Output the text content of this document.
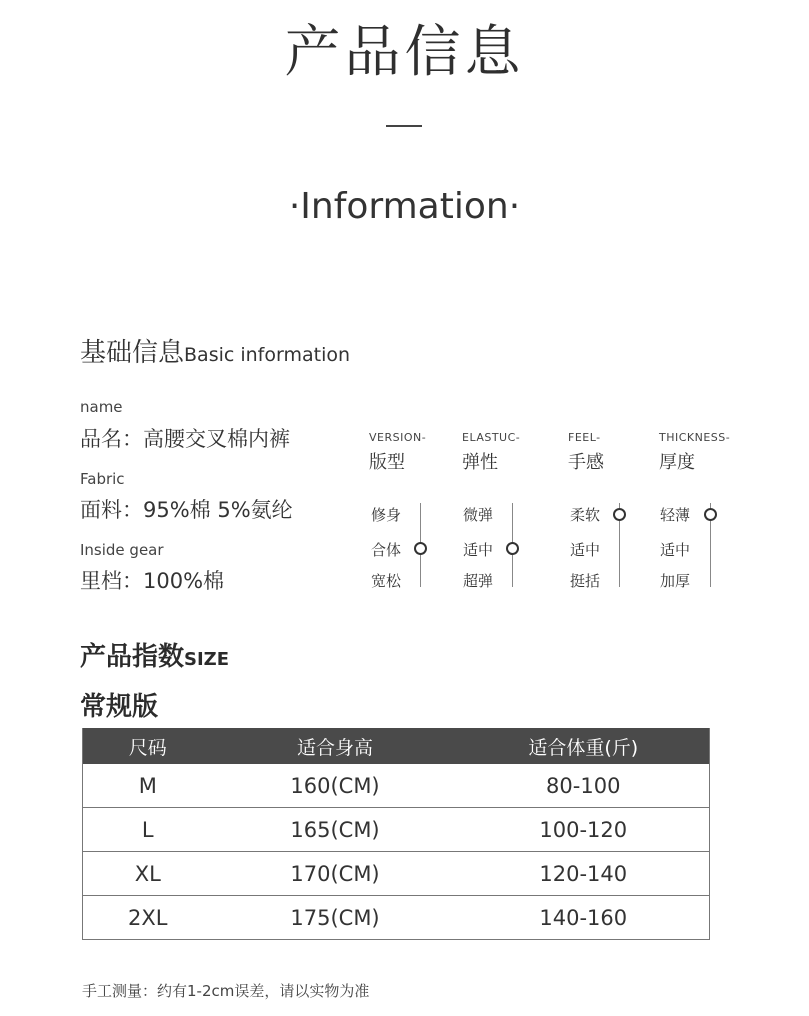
产品信息
·Information·
基础信息Basic information
name
品名：高腰交叉棉内裤
Fabric
面料：95%棉 5%氨纶
Inside gear
里档：100%棉
VERSION-
版型
修身
合体
宽松
ELASTUC-
弹性
微弹
适中
超弹
FEEL-
手感
柔软
适中
挺括
THICKNESS-
厚度
轻薄
适中
加厚
产品指数SIZE
常规版
尺码	适合身高	适合体重(斤)
M	160(CM)	80-100
L	165(CM)	100-120
XL	170(CM)	120-140
2XL	175(CM)	140-160
手工测量：约有1-2cm误差，请以实物为准
